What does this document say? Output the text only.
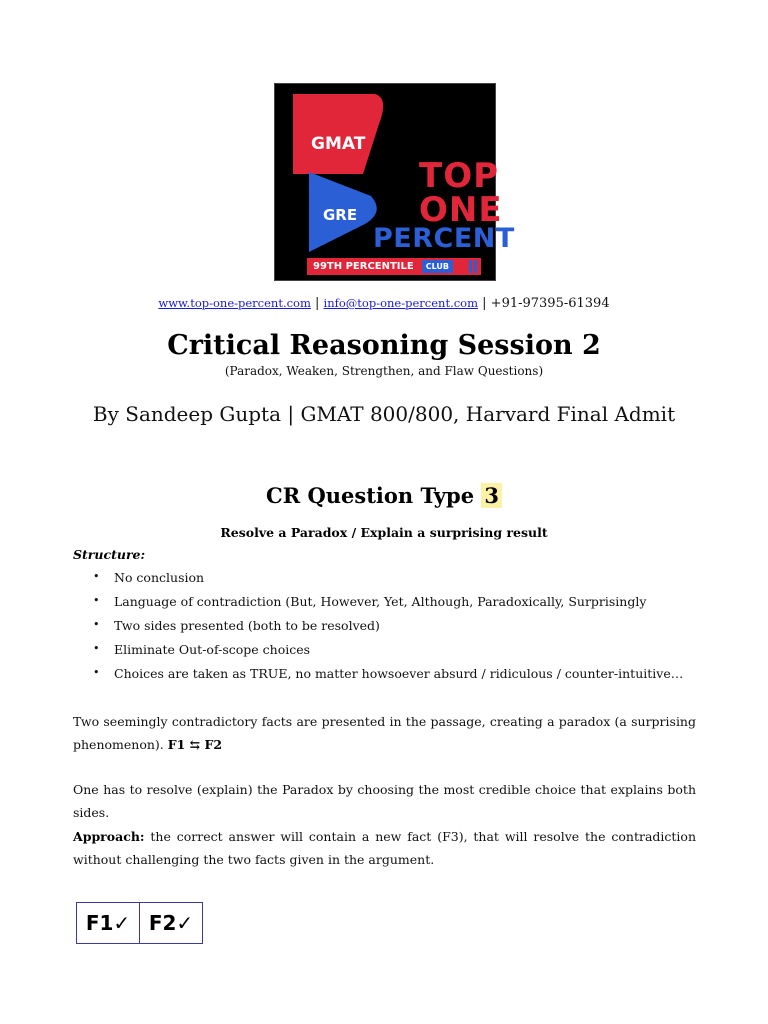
GMAT
GRE
TOP
ONE
PERCENT
99TH PERCENTILE	CLUB
www.top-one-percent.com | info@top-one-percent.com | +91-97395-61394
Critical Reasoning Session 2
(Paradox, Weaken, Strengthen, and Flaw Questions)
By Sandeep Gupta | GMAT 800/800, Harvard Final Admit
CR Question Type 3
Resolve a Paradox / Explain a surprising result
Structure:
•	No conclusion
•	Language of contradiction (But, However, Yet, Although, Paradoxically, Surprisingly
•	Two sides presented (both to be resolved)
•	Eliminate Out-of-scope choices
•	Choices are taken as TRUE, no matter howsoever absurd / ridiculous / counter-intuitive…
Two seemingly contradictory facts are presented in the passage, creating a paradox (a surprising phenomenon). F1 ⇆ F2
One has to resolve (explain) the Paradox by choosing the most credible choice that explains both sides.
Approach: the correct answer will contain a new fact (F3), that will resolve the contradiction without challenging the two facts given in the argument.
F1✓ F2✓
